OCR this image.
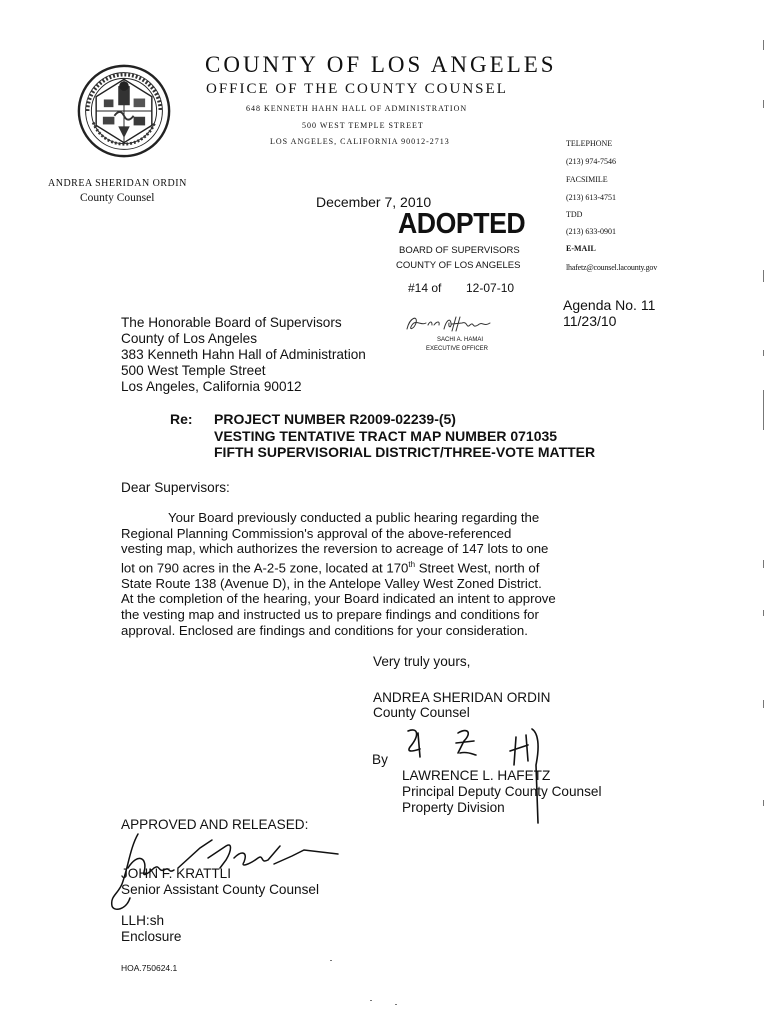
COUNTY OF LOS ANGELES
OFFICE OF THE COUNTY COUNSEL
648 KENNETH HAHN HALL OF ADMINISTRATION
500 WEST TEMPLE STREET
LOS ANGELES, CALIFORNIA 90012-2713
ANDREA SHERIDAN ORDIN
County Counsel
TELEPHONE
(213) 974-7546
FACSIMILE
(213) 613-4751
TDD
(213) 633-0901
E-MAIL
lhafetz@counsel.lacounty.gov
December 7, 2010
ADOPTED
BOARD OF SUPERVISORS
COUNTY OF LOS ANGELES
#14 of 12-07-10
SACHI A. HAMAI
EXECUTIVE OFFICER
Agenda No. 11
11/23/10
The Honorable Board of Supervisors
County of Los Angeles
383 Kenneth Hahn Hall of Administration
500 West Temple Street
Los Angeles, California 90012
Re: PROJECT NUMBER R2009-02239-(5)
VESTING TENTATIVE TRACT MAP NUMBER 071035
FIFTH SUPERVISORIAL DISTRICT/THREE-VOTE MATTER
Dear Supervisors:
Your Board previously conducted a public hearing regarding the
Regional Planning Commission's approval of the above-referenced
vesting map, which authorizes the reversion to acreage of 147 lots to one
lot on 790 acres in the A-2-5 zone, located at 170th Street West, north of
State Route 138 (Avenue D), in the Antelope Valley West Zoned District.
At the completion of the hearing, your Board indicated an intent to approve
the vesting map and instructed us to prepare findings and conditions for
approval. Enclosed are findings and conditions for your consideration.
Very truly yours,
ANDREA SHERIDAN ORDIN
County Counsel
By
LAWRENCE L. HAFETZ
Principal Deputy County Counsel
Property Division
APPROVED AND RELEASED:
JOHN F. KRATTLI
Senior Assistant County Counsel
LLH:sh
Enclosure
HOA.750624.1
